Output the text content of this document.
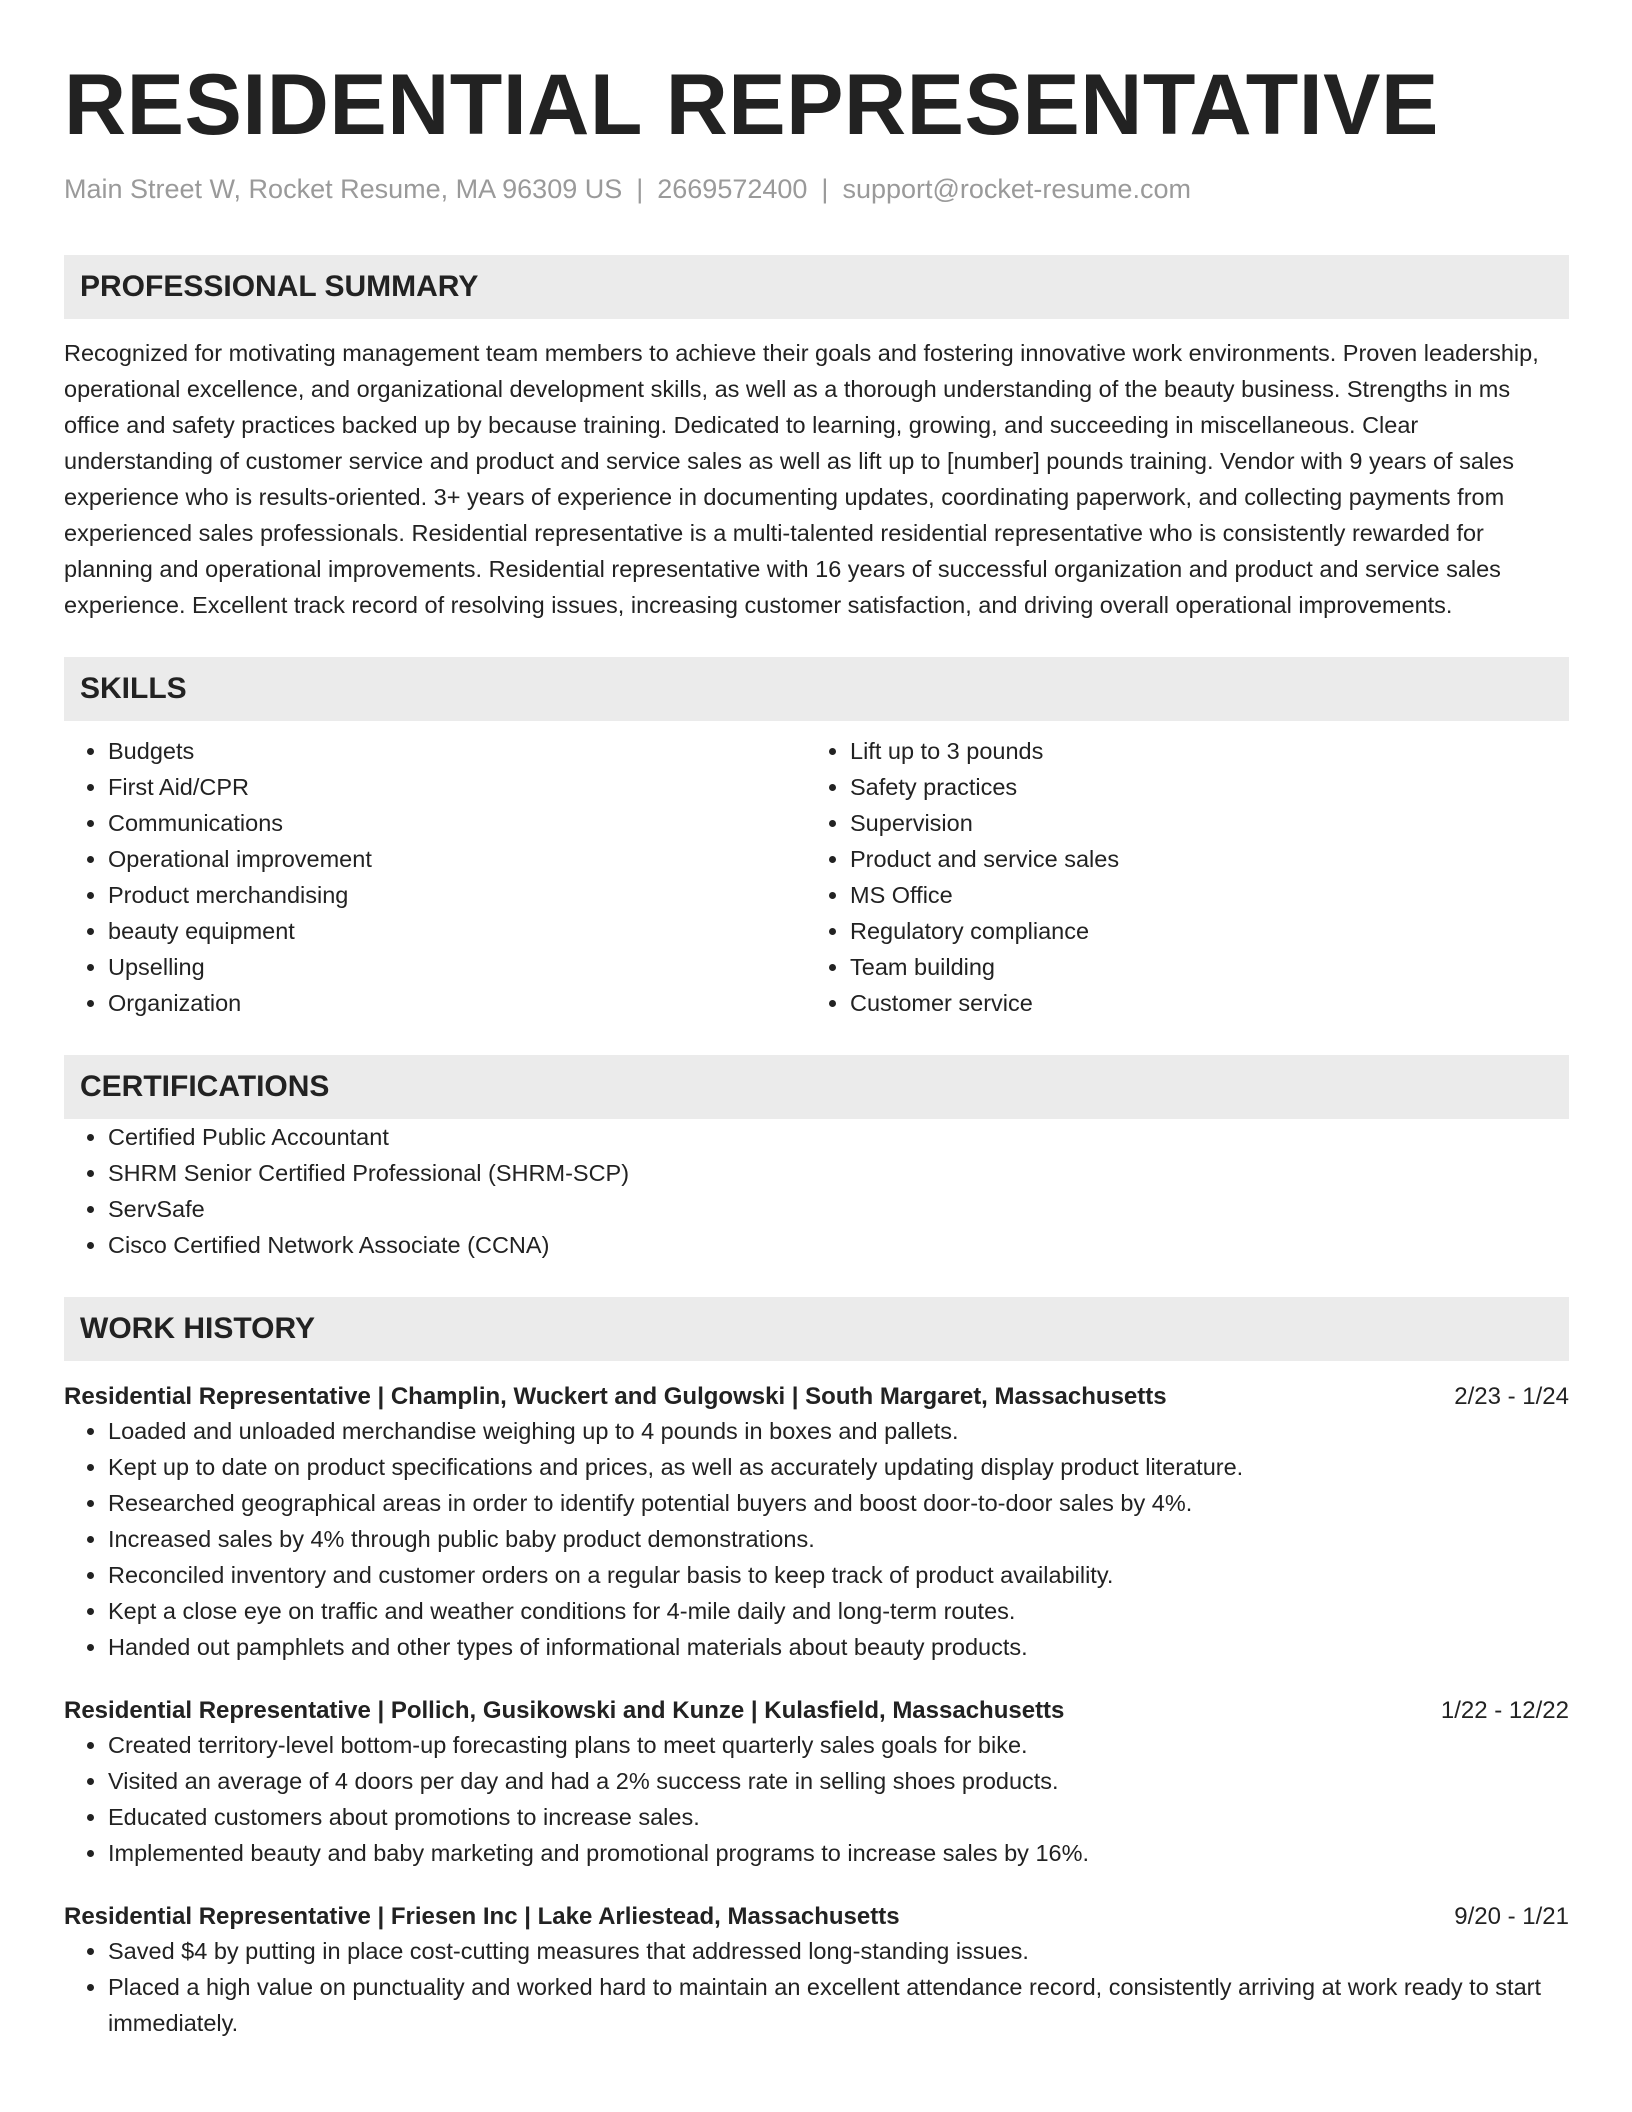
RESIDENTIAL REPRESENTATIVE
Main Street W, Rocket Resume, MA 96309 US | 2669572400 | support@rocket-resume.com
PROFESSIONAL SUMMARY
Recognized for motivating management team members to achieve their goals and fostering innovative work environments. Proven leadership, operational excellence, and organizational development skills, as well as a thorough understanding of the beauty business. Strengths in ms office and safety practices backed up by because training. Dedicated to learning, growing, and succeeding in miscellaneous. Clear understanding of customer service and product and service sales as well as lift up to [number] pounds training. Vendor with 9 years of sales experience who is results-oriented. 3+ years of experience in documenting updates, coordinating paperwork, and collecting payments from experienced sales professionals. Residential representative is a multi-talented residential representative who is consistently rewarded for planning and operational improvements. Residential representative with 16 years of successful organization and product and service sales experience. Excellent track record of resolving issues, increasing customer satisfaction, and driving overall operational improvements.
SKILLS
• Budgets
• First Aid/CPR
• Communications
• Operational improvement
• Product merchandising
• beauty equipment
• Upselling
• Organization
• Lift up to 3 pounds
• Safety practices
• Supervision
• Product and service sales
• MS Office
• Regulatory compliance
• Team building
• Customer service
CERTIFICATIONS
• Certified Public Accountant
• SHRM Senior Certified Professional (SHRM-SCP)
• ServSafe
• Cisco Certified Network Associate (CCNA)
WORK HISTORY
Residential Representative | Champlin, Wuckert and Gulgowski | South Margaret, Massachusetts	2/23 - 1/24
• Loaded and unloaded merchandise weighing up to 4 pounds in boxes and pallets.
• Kept up to date on product specifications and prices, as well as accurately updating display product literature.
• Researched geographical areas in order to identify potential buyers and boost door-to-door sales by 4%.
• Increased sales by 4% through public baby product demonstrations.
• Reconciled inventory and customer orders on a regular basis to keep track of product availability.
• Kept a close eye on traffic and weather conditions for 4-mile daily and long-term routes.
• Handed out pamphlets and other types of informational materials about beauty products.
Residential Representative | Pollich, Gusikowski and Kunze | Kulasfield, Massachusetts	1/22 - 12/22
• Created territory-level bottom-up forecasting plans to meet quarterly sales goals for bike.
• Visited an average of 4 doors per day and had a 2% success rate in selling shoes products.
• Educated customers about promotions to increase sales.
• Implemented beauty and baby marketing and promotional programs to increase sales by 16%.
Residential Representative | Friesen Inc | Lake Arliestead, Massachusetts	9/20 - 1/21
• Saved $4 by putting in place cost-cutting measures that addressed long-standing issues.
• Placed a high value on punctuality and worked hard to maintain an excellent attendance record, consistently arriving at work ready to start immediately.
